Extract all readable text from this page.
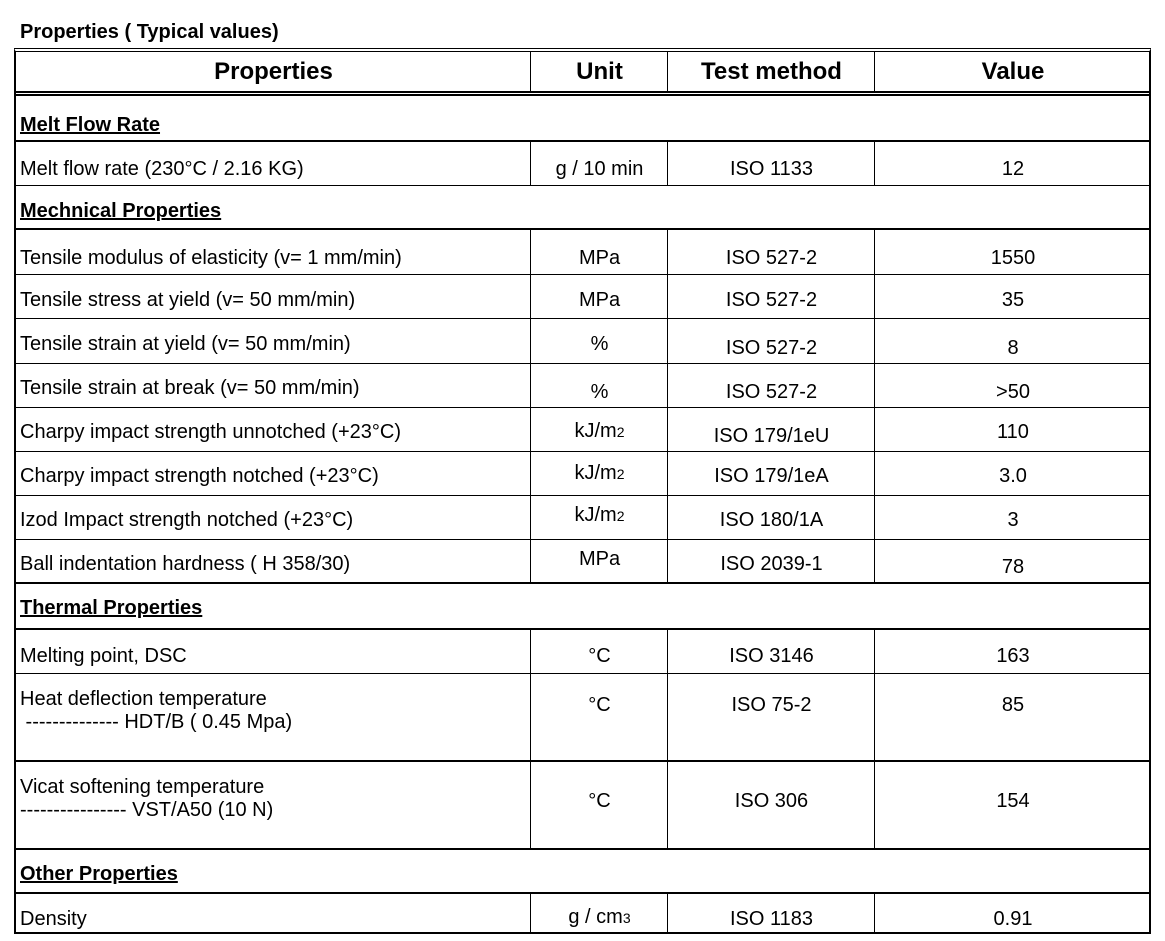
Properties ( Typical values)
Properties	Unit	Test method	Value
Melt Flow Rate
Melt flow rate (230°C / 2.16 KG)	g / 10 min	ISO 1133	12
Mechnical Properties
Tensile modulus of elasticity (v= 1 mm/min)	MPa	ISO 527-2	1550
Tensile stress at yield (v= 50 mm/min)	MPa	ISO 527-2	35
Tensile strain at yield (v= 50 mm/min)	%	ISO 527-2	8
Tensile strain at break (v= 50 mm/min)	%	ISO 527-2	>50
Charpy impact strength unnotched (+23°C)	kJ/m2	ISO 179/1eU	110
Charpy impact strength notched (+23°C)	kJ/m2	ISO 179/1eA	3.0
Izod Impact strength notched (+23°C)	kJ/m2	ISO 180/1A	3
Ball indentation hardness ( H 358/30)	MPa	ISO 2039-1	78
Thermal Properties
Melting point, DSC	°C	ISO 3146	163
Heat deflection temperature
-------------- HDT/B ( 0.45 Mpa)
°C	ISO 75-2	85
Vicat softening temperature
---------------- VST/A50 (10 N)	°C	ISO 306	154
Other Properties
Density	g / cm3	ISO 1183	0.91
